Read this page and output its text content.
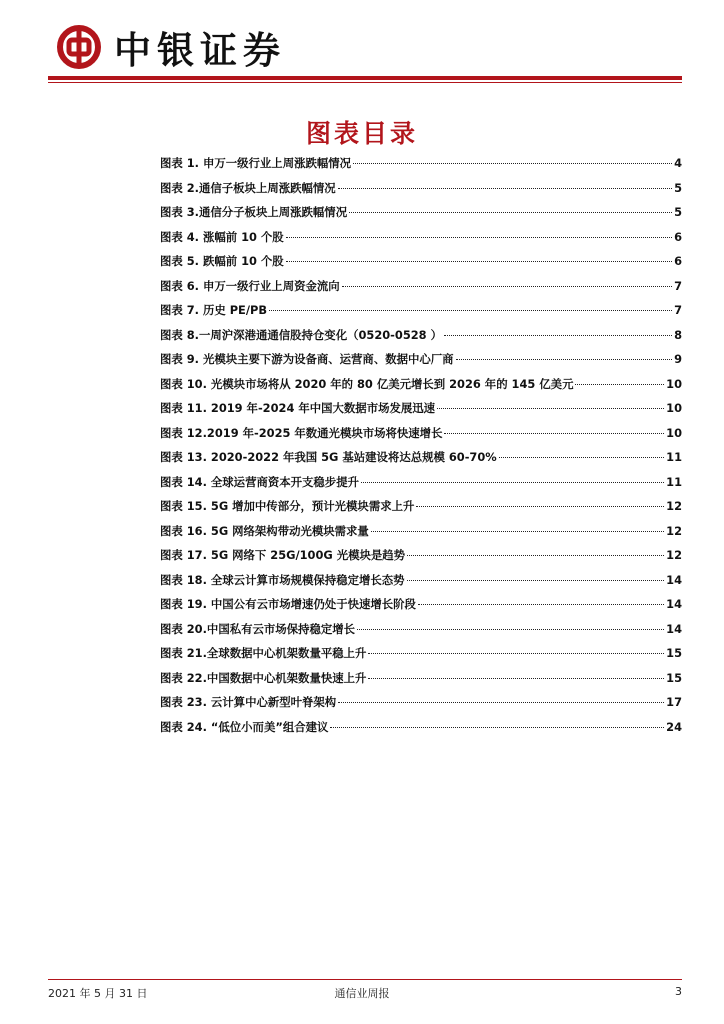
中银证券
图表目录
图表 1. 申万一级行业上周涨跌幅情况	4
图表 2.通信子板块上周涨跌幅情况	5
图表 3.通信分子板块上周涨跌幅情况	5
图表 4. 涨幅前 10 个股	6
图表 5. 跌幅前 10 个股	6
图表 6. 申万一级行业上周资金流向	7
图表 7. 历史 PE/PB	7
图表 8.一周沪深港通通信股持仓变化（0520-0528 ）	8
图表 9. 光模块主要下游为设备商、运营商、数据中心厂商	9
图表 10. 光模块市场将从 2020 年的 80 亿美元增长到 2026 年的 145 亿美元	10
图表 11. 2019 年-2024 年中国大数据市场发展迅速	10
图表 12.2019 年-2025 年数通光模块市场将快速增长	10
图表 13. 2020-2022 年我国 5G 基站建设将达总规模 60-70%	11
图表 14. 全球运营商资本开支稳步提升	11
图表 15. 5G 增加中传部分，预计光模块需求上升	12
图表 16. 5G 网络架构带动光模块需求量	12
图表 17. 5G 网络下 25G/100G 光模块是趋势	12
图表 18. 全球云计算市场规模保持稳定增长态势	14
图表 19. 中国公有云市场增速仍处于快速增长阶段	14
图表 20.中国私有云市场保持稳定增长	14
图表 21.全球数据中心机架数量平稳上升	15
图表 22.中国数据中心机架数量快速上升	15
图表 23. 云计算中心新型叶脊架构	17
图表 24. “低位小而美”组合建议	24
2021 年 5 月 31 日	通信业周报	3
